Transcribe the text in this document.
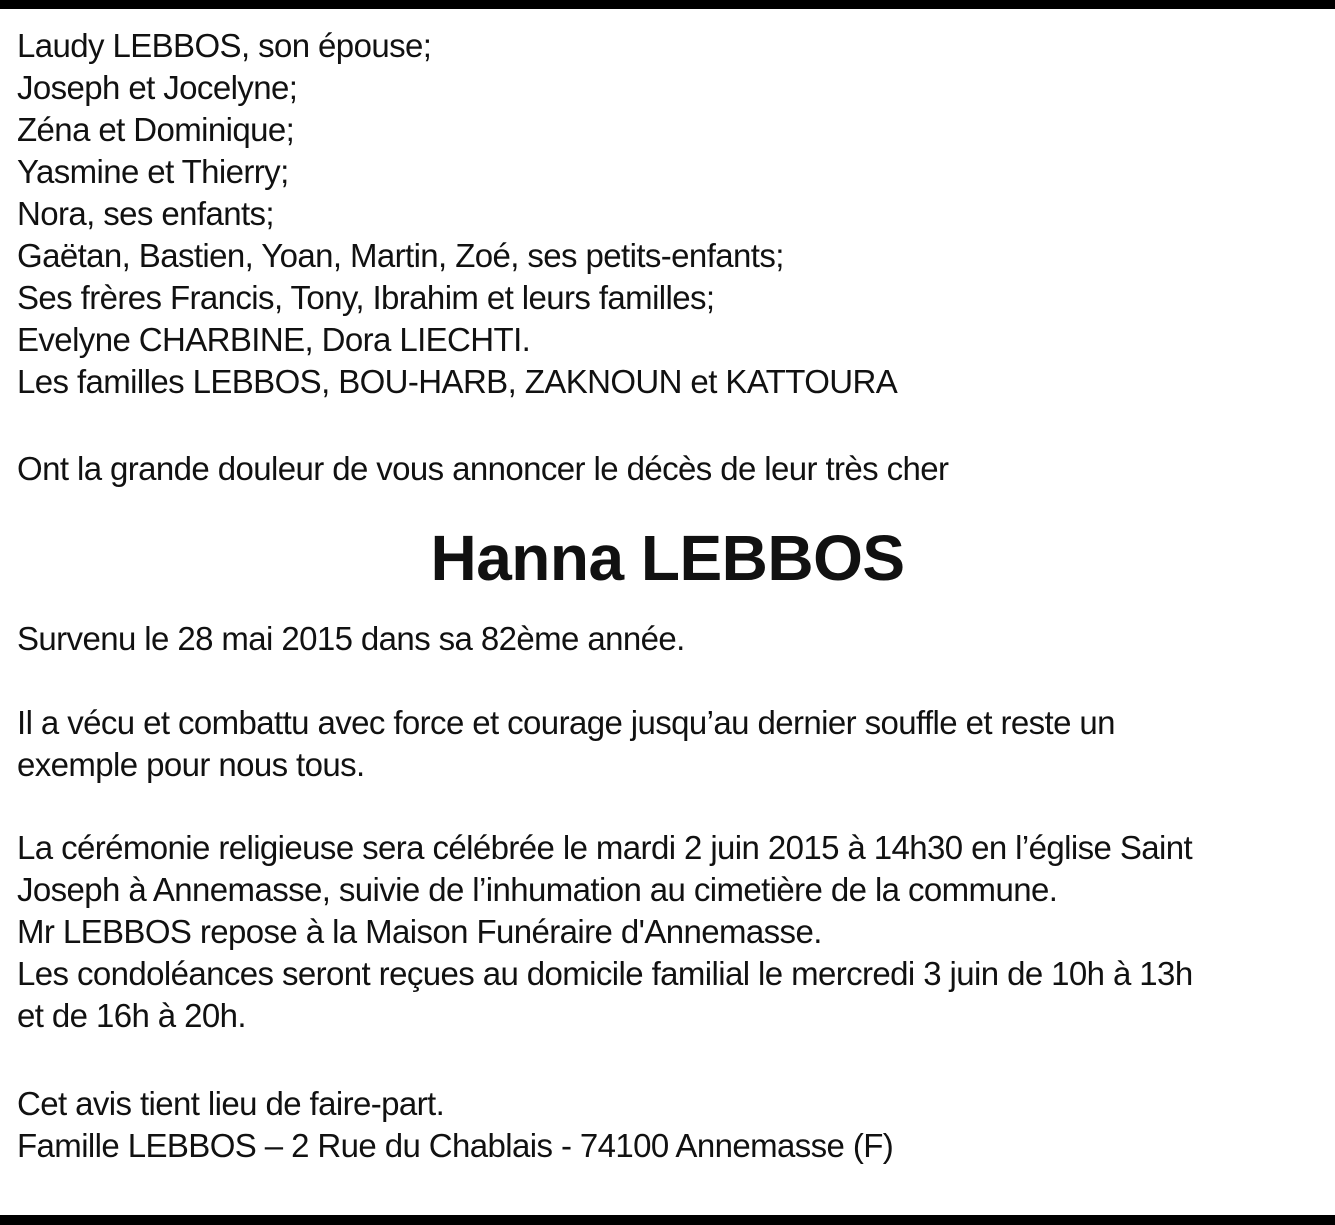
Laudy LEBBOS, son épouse;
Joseph et Jocelyne;
Zéna et Dominique;
Yasmine et Thierry;
Nora, ses enfants;
Gaëtan, Bastien, Yoan, Martin, Zoé, ses petits-enfants;
Ses frères Francis, Tony, Ibrahim et leurs familles;
Evelyne CHARBINE, Dora LIECHTI.
Les familles LEBBOS, BOU-HARB, ZAKNOUN et KATTOURA
Ont la grande douleur de vous annoncer le décès de leur très cher
Hanna LEBBOS
Survenu le 28 mai 2015 dans sa 82ème année.
Il a vécu et combattu avec force et courage jusqu’au dernier souffle et reste un
exemple pour nous tous.
La cérémonie religieuse sera célébrée le mardi 2 juin 2015 à 14h30 en l’église Saint
Joseph à Annemasse, suivie de l’inhumation au cimetière de la commune.
Mr LEBBOS repose à la Maison Funéraire d'Annemasse.
Les condoléances seront reçues au domicile familial le mercredi 3 juin de 10h à 13h
et de 16h à 20h.
Cet avis tient lieu de faire-part.
Famille LEBBOS – 2 Rue du Chablais - 74100 Annemasse (F)
